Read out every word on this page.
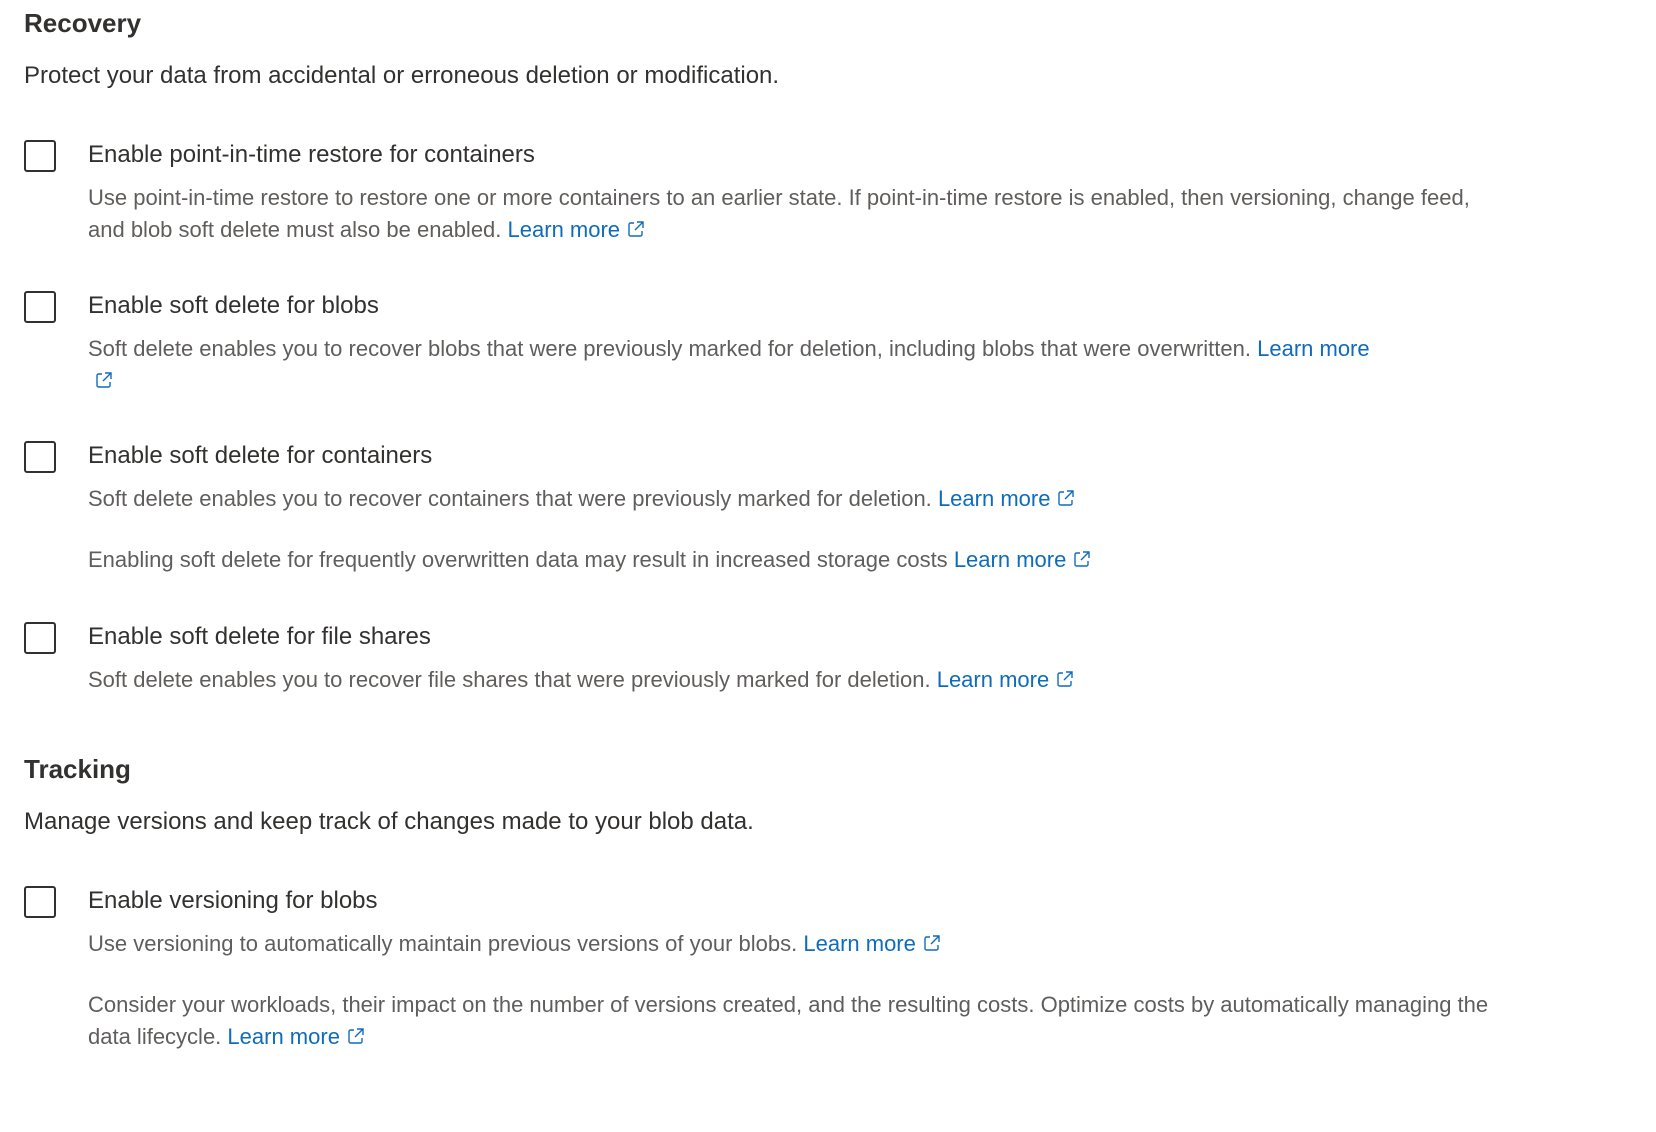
Recovery

Protect your data from accidental or erroneous deletion or modification.

Enable point-in-time restore for containers
Use point-in-time restore to restore one or more containers to an earlier state. If point-in-time restore is enabled, then versioning, change feed, and blob soft delete must also be enabled. Learn more
Enable soft delete for blobs
Soft delete enables you to recover blobs that were previously marked for deletion, including blobs that were overwritten. Learn more
Enable soft delete for containers
Soft delete enables you to recover containers that were previously marked for deletion. Learn more
Enabling soft delete for frequently overwritten data may result in increased storage costs Learn more
Enable soft delete for file shares
Soft delete enables you to recover file shares that were previously marked for deletion. Learn more
Tracking

Manage versions and keep track of changes made to your blob data.

Enable versioning for blobs
Use versioning to automatically maintain previous versions of your blobs. Learn more
Consider your workloads, their impact on the number of versions created, and the resulting costs. Optimize costs by automatically managing the data lifecycle. Learn more
